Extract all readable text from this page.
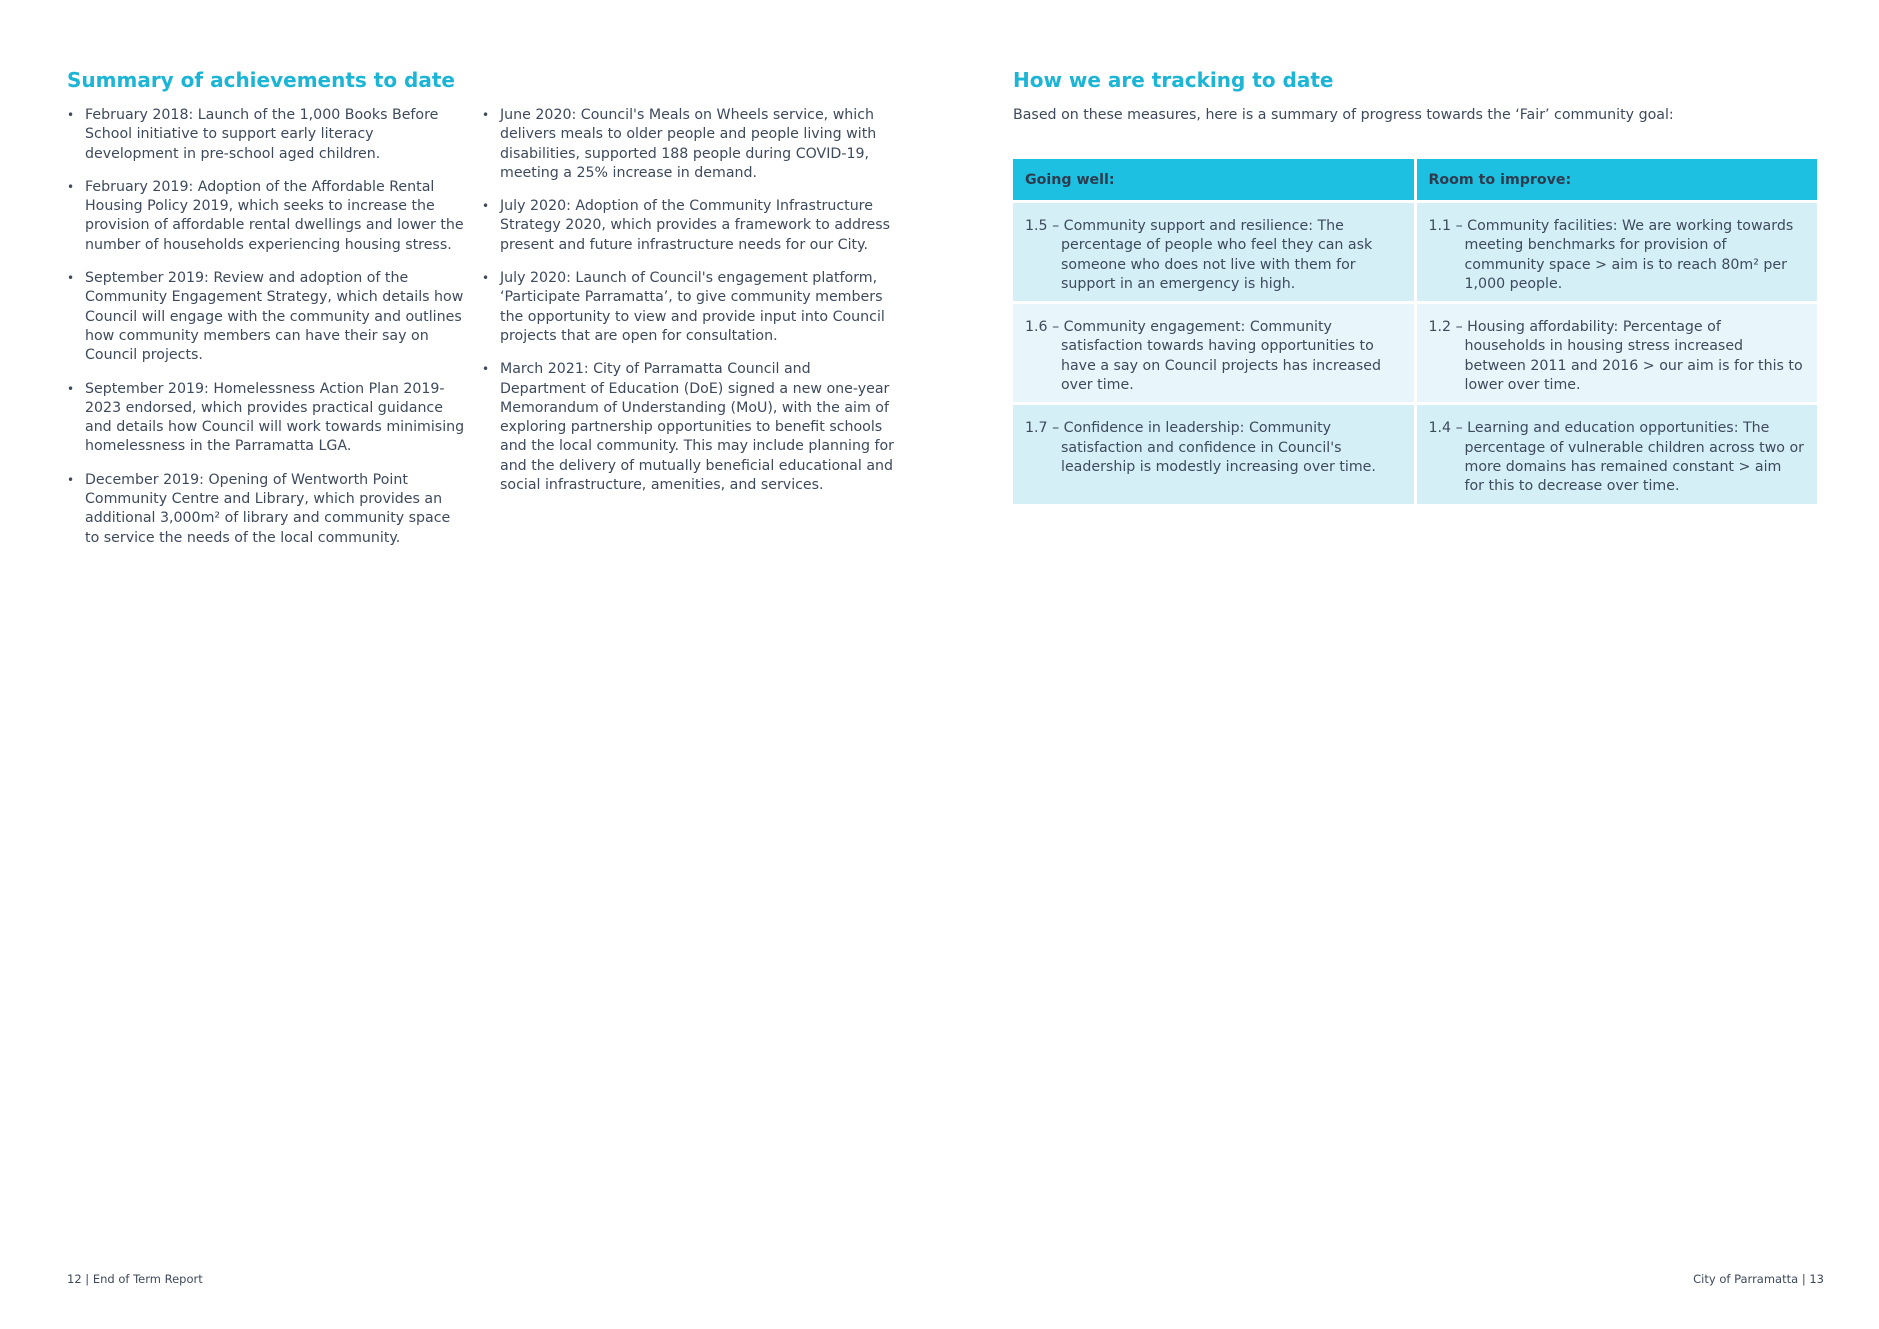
Summary of achievements to date
• February 2018: Launch of the 1,000 Books Before School initiative to support early literacy development in pre-school aged children.
• February 2019: Adoption of the Affordable Rental Housing Policy 2019, which seeks to increase the provision of affordable rental dwellings and lower the number of households experiencing housing stress.
• September 2019: Review and adoption of the Community Engagement Strategy, which details how Council will engage with the community and outlines how community members can have their say on Council projects.
• September 2019: Homelessness Action Plan 2019-2023 endorsed, which provides practical guidance and details how Council will work towards minimising homelessness in the Parramatta LGA.
• December 2019: Opening of Wentworth Point Community Centre and Library, which provides an additional 3,000m² of library and community space to service the needs of the local community.
• June 2020: Council's Meals on Wheels service, which delivers meals to older people and people living with disabilities, supported 188 people during COVID-19, meeting a 25% increase in demand.
• July 2020: Adoption of the Community Infrastructure Strategy 2020, which provides a framework to address present and future infrastructure needs for our City.
• July 2020: Launch of Council's engagement platform, ‘Participate Parramatta’, to give community members the opportunity to view and provide input into Council projects that are open for consultation.
• March 2021: City of Parramatta Council and Department of Education (DoE) signed a new one-year Memorandum of Understanding (MoU), with the aim of exploring partnership opportunities to benefit schools and the local community. This may include planning for and the delivery of mutually beneficial educational and social infrastructure, amenities, and services.
How we are tracking to date

Based on these measures, here is a summary of progress towards the ‘Fair’ community goal:

Going well:	Room to improve:

1.5 – Community support and resilience: The percentage of people who feel they can ask someone who does not live with them for support in an emergency is high.	1.1 – Community facilities: We are working towards meeting benchmarks for provision of community space > aim is to reach 80m² per 1,000 people.

1.6 – Community engagement: Community satisfaction towards having opportunities to have a say on Council projects has increased over time.	1.2 – Housing affordability: Percentage of households in housing stress increased between 2011 and 2016 > our aim is for this to lower over time.

1.7 – Confidence in leadership: Community satisfaction and confidence in Council's leadership is modestly increasing over time.	1.4 – Learning and education opportunities: The percentage of vulnerable children across two or more domains has remained constant > aim for this to decrease over time.
12 | End of Term Report	City of Parramatta | 13
